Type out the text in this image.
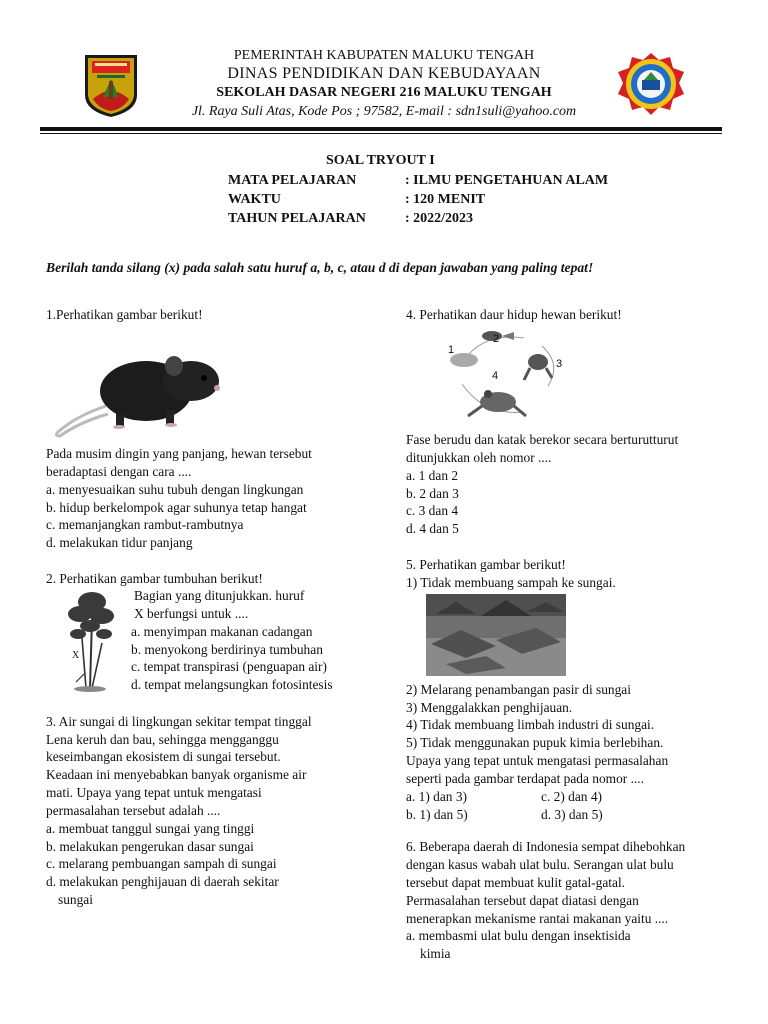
PEMERINTAH KABUPATEN MALUKU TENGAH
DINAS PENDIDIKAN DAN KEBUDAYAAN
SEKOLAH DASAR NEGERI 216 MALUKU TENGAH
Jl. Raya Suli Atas, Kode Pos ; 97582, E-mail : sdn1suli@yahoo.com
SOAL TRYOUT I
MATA PELAJARAN	: ILMU PENGETAHUAN ALAM
WAKTU	: 120 MENIT
TAHUN PELAJARAN	: 2022/2023
Berilah tanda silang (x) pada salah satu huruf a, b, c, atau d di depan jawaban yang paling tepat!
1.Perhatikan gambar berikut!
Pada musim dingin yang panjang, hewan tersebut
beradaptasi dengan cara ....
a. menyesuaikan suhu tubuh dengan lingkungan
b. hidup berkelompok agar suhunya tetap hangat
c. memanjangkan rambut-rambutnya
d. melakukan tidur panjang
2. Perhatikan gambar tumbuhan berikut!
X
Bagian yang ditunjukkan. huruf
X berfungsi untuk ....
a. menyimpan makanan cadangan
b. menyokong berdirinya tumbuhan
c. tempat transpirasi (penguapan air)
d. tempat melangsungkan fotosintesis
3. Air sungai di lingkungan sekitar tempat tinggal
Lena keruh dan bau, sehingga mengganggu
keseimbangan ekosistem di sungai tersebut.
Keadaan ini menyebabkan banyak organisme air
mati. Upaya yang tepat untuk mengatasi
permasalahan tersebut adalah ....
a. membuat tanggul sungai yang tinggi
b. melakukan pengerukan dasar sungai
c. melarang pembuangan sampah di sungai
d. melakukan penghijauan di daerah sekitar
sungai
4. Perhatikan daur hidup hewan berikut!
1
2
3
4
Fase berudu dan katak berekor secara berturutturut
ditunjukkan oleh nomor ....
a. 1 dan 2
b. 2 dan 3
c. 3 dan 4
d. 4 dan 5
5. Perhatikan gambar berikut!
1) Tidak membuang sampah ke sungai.
2) Melarang penambangan pasir di sungai
3) Menggalakkan penghijauan.
4) Tidak membuang limbah industri di sungai.
5) Tidak menggunakan pupuk kimia berlebihan.
Upaya yang tepat untuk mengatasi permasalahan
seperti pada gambar terdapat pada nomor ....
a. 1) dan 3)	c. 2) dan 4)
b. 1) dan 5)	d. 3) dan 5)
6. Beberapa daerah di Indonesia sempat dihebohkan
dengan kasus wabah ulat bulu. Serangan ulat bulu
tersebut dapat membuat kulit gatal-gatal.
Permasalahan tersebut dapat diatasi dengan
menerapkan mekanisme rantai makanan yaitu ....
a. membasmi ulat bulu dengan insektisida
kimia
